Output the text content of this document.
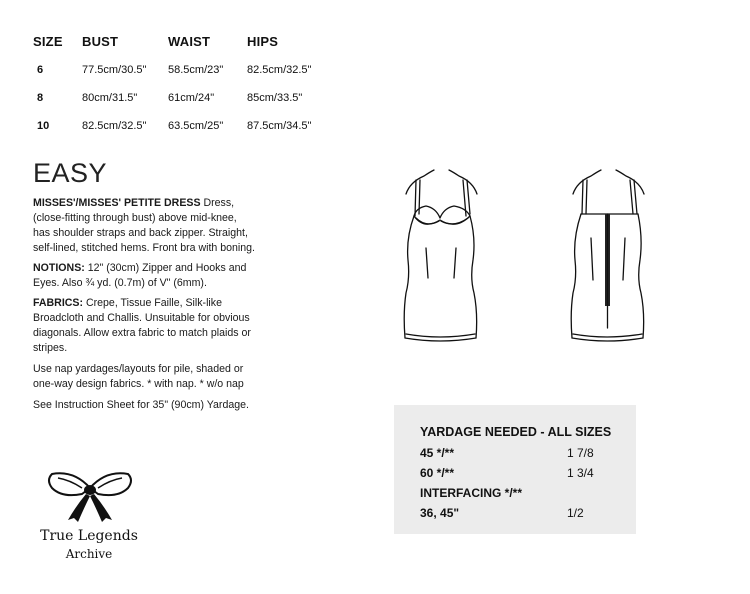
SIZE BUST	WAIST	HIPS
6	77.5cm/30.5" 58.5cm/23" 82.5cm/32.5"
8	80cm/31.5"	61cm/24"	85cm/33.5"
10	82.5cm/32.5" 63.5cm/25" 87.5cm/34.5"
EASY
MISSES'/MISSES' PETITE DRESS Dress, (close-fitting through bust) above mid-knee, has shoulder straps and back zipper. Straight, self-lined, stitched hems. Front bra with boning.
NOTIONS: 12" (30cm) Zipper and Hooks and Eyes. Also ¾ yd. (0.7m) of V" (6mm).
FABRICS: Crepe, Tissue Faille, Silk-like Broadcloth and Challis. Unsuitable for obvious diagonals. Allow extra fabric to match plaids or stripes.
Use nap yardages/layouts for pile, shaded or one-way design fabrics. * with nap. * w/o nap
See Instruction Sheet for 35" (90cm) Yardage.
YARDAGE NEEDED - ALL SIZES
45 */**	1 7/8
60 */**	1 3/4
INTERFACING */**
36, 45"	1/2
True Legends
Archive
